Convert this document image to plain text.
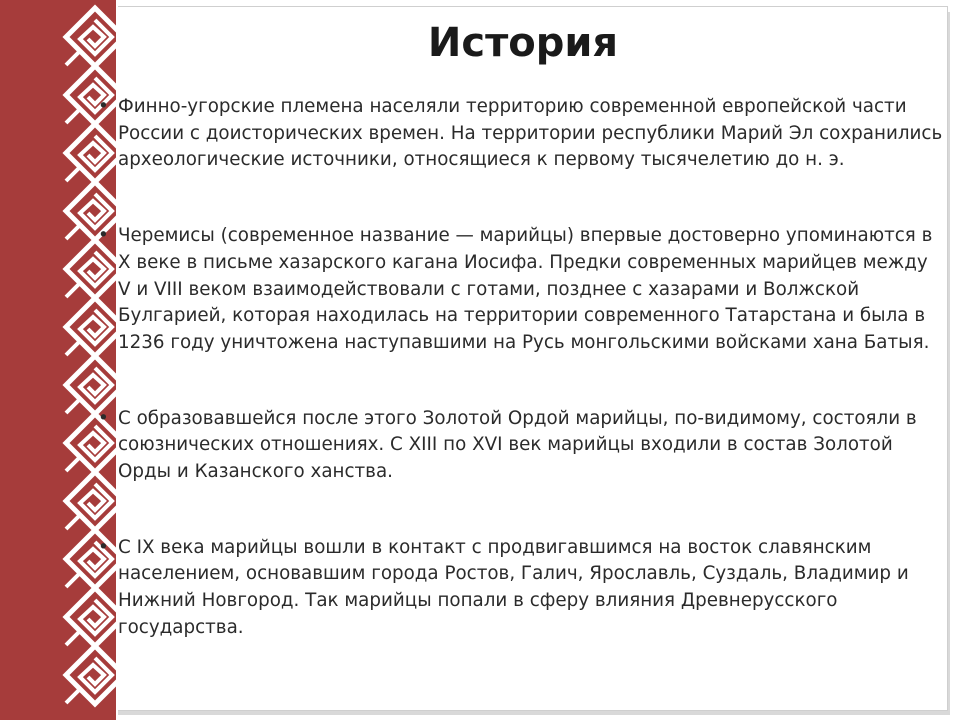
История
• Финно-угорские племена населяли территорию современной европейской части России с доисторических времен. На территории республики Марий Эл сохранились археологические источники, относящиеся к первому тысячелетию до н. э.
• Черемисы (современное название — марийцы) впервые достоверно упоминаются в X веке в письме хазарского кагана Иосифа. Предки современных марийцев между V и VIII веком взаимодействовали с готами, позднее с хазарами и Волжской Булгарией, которая находилась на территории современного Татарстана и была в 1236 году уничтожена наступавшими на Русь монгольскими войсками хана Батыя.
• С образовавшейся после этого Золотой Ордой марийцы, по-видимому, состояли в союзнических отношениях. С XIII по XVI век марийцы входили в состав Золотой Орды и Казанского ханства.
• С IX века марийцы вошли в контакт с продвигавшимся на восток славянским населением, основавшим города Ростов, Галич, Ярославль, Суздаль, Владимир и Нижний Новгород. Так марийцы попали в сферу влияния Древнерусского государства.
